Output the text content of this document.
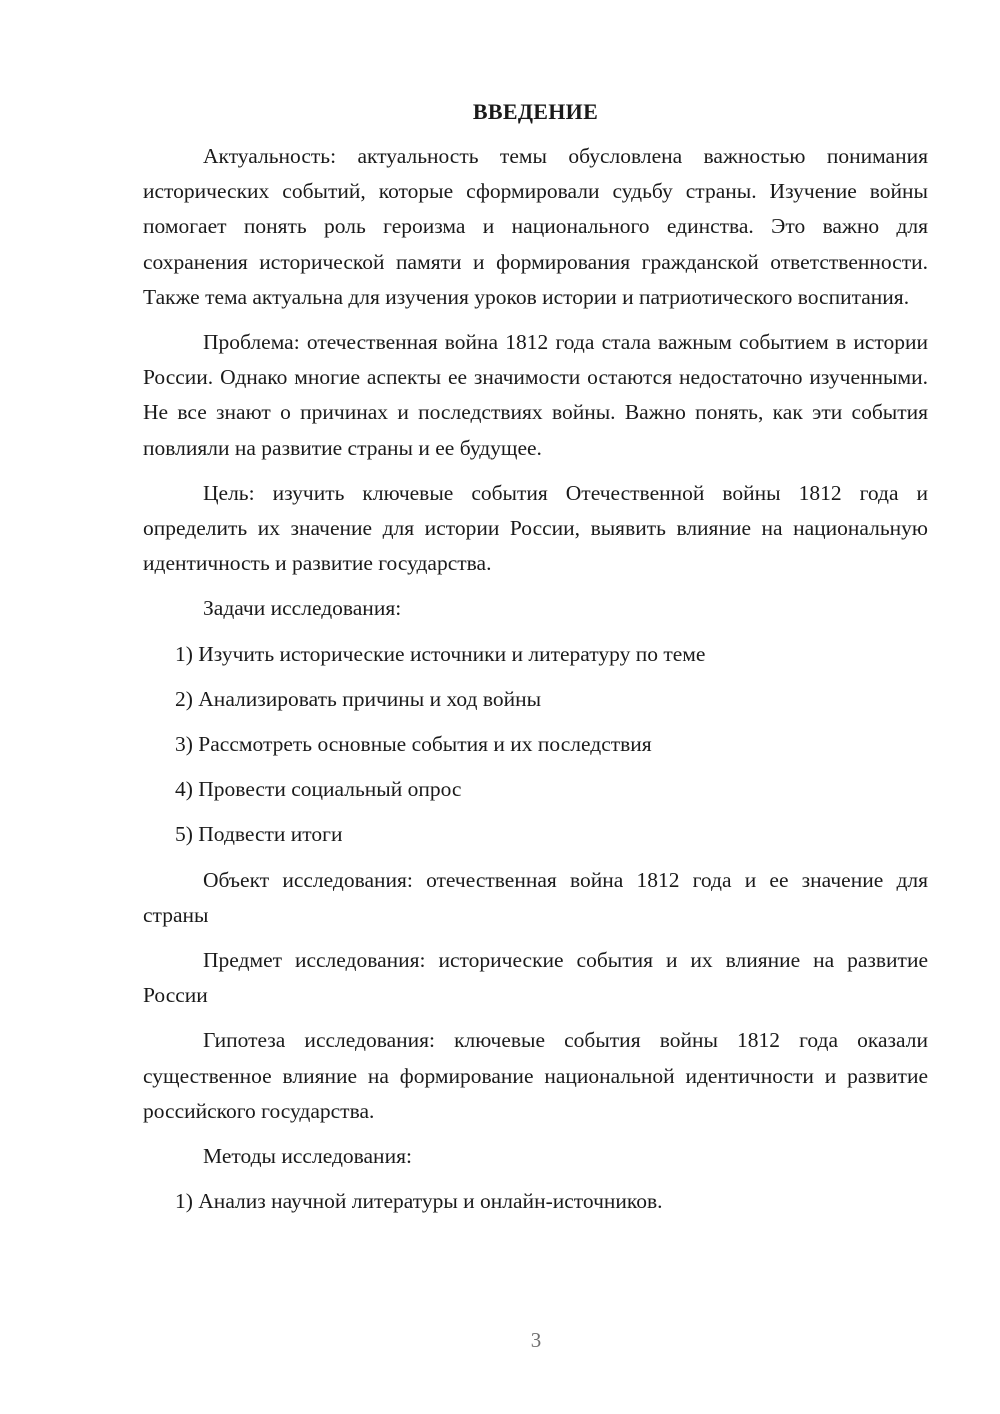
ВВЕДЕНИЕ

Актуальность: актуальность темы обусловлена важностью понимания исторических событий, которые сформировали судьбу страны. Изучение войны помогает понять роль героизма и национального единства. Это важно для сохранения исторической памяти и формирования гражданской ответственности. Также тема актуальна для изучения уроков истории и патриотического воспитания.

Проблема: отечественная война 1812 года стала важным событием в истории России. Однако многие аспекты ее значимости остаются недостаточно изученными. Не все знают о причинах и последствиях войны. Важно понять, как эти события повлияли на развитие страны и ее будущее.

Цель: изучить ключевые события Отечественной войны 1812 года и определить их значение для истории России, выявить влияние на национальную идентичность и развитие государства.

Задачи исследования:

1) Изучить исторические источники и литературу по теме
2) Анализировать причины и ход войны
3) Рассмотреть основные события и их последствия
4) Провести социальный опрос
5) Подвести итоги

Объект исследования: отечественная война 1812 года и ее значение для страны

Предмет исследования: исторические события и их влияние на развитие России

Гипотеза исследования: ключевые события войны 1812 года оказали существенное влияние на формирование национальной идентичности и развитие российского государства.

Методы исследования:

1) Анализ научной литературы и онлайн-источников.
3
